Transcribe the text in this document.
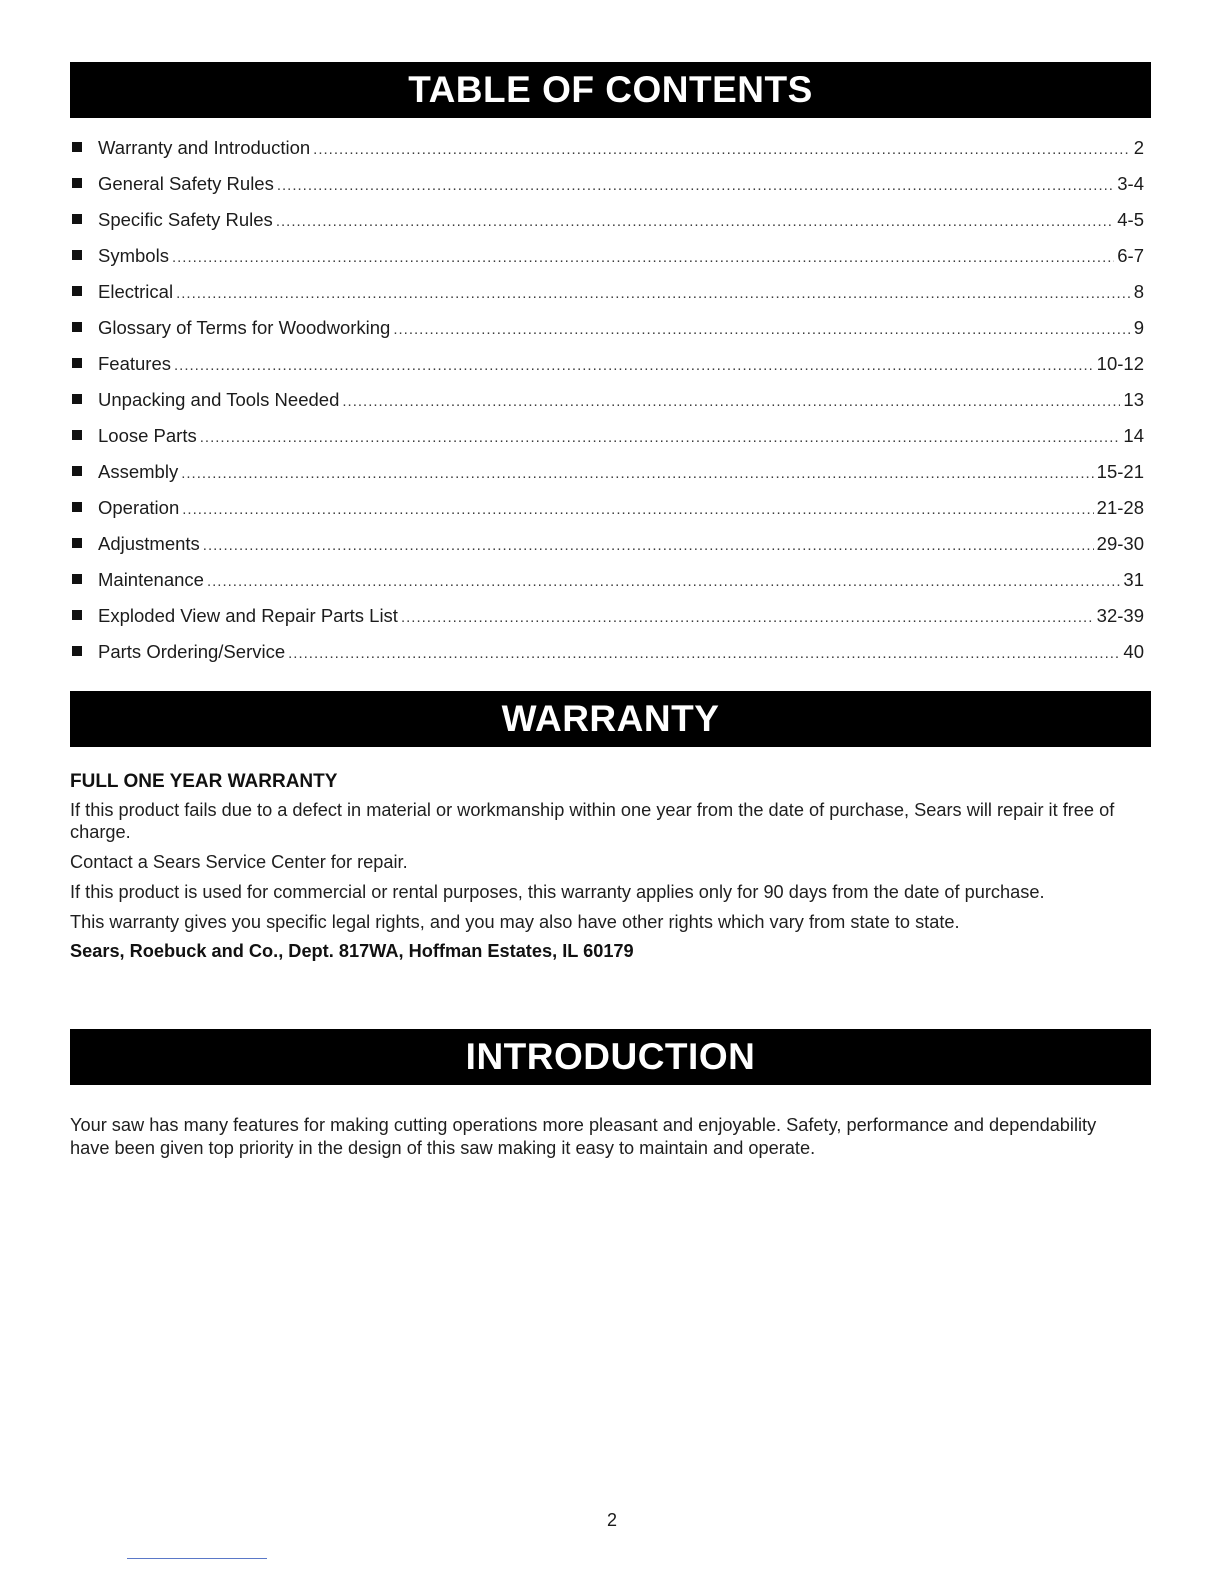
TABLE OF CONTENTS
Warranty and Introduction .....	2
General Safety Rules .....	3-4
Specific Safety Rules .....	4-5
Symbols .....	6-7
Electrical .....	8
Glossary of Terms for Woodworking .....	9
Features .....	10-12
Unpacking and Tools Needed .....	13
Loose Parts .....	14
Assembly .....	15-21
Operation .....	21-28
Adjustments .....	29-30
Maintenance .....	31
Exploded View and Repair Parts List .....	32-39
Parts Ordering/Service .....	40
WARRANTY
FULL ONE YEAR WARRANTY

If this product fails due to a defect in material or workmanship within one year from the date of purchase, Sears will repair it free of charge.

Contact a Sears Service Center for repair.

If this product is used for commercial or rental purposes, this warranty applies only for 90 days from the date of purchase.

This warranty gives you specific legal rights, and you may also have other rights which vary from state to state.

Sears, Roebuck and Co., Dept. 817WA, Hoffman Estates, IL 60179

INTRODUCTION

Your saw has many features for making cutting operations more pleasant and enjoyable. Safety, performance and dependability have been given top priority in the design of this saw making it easy to maintain and operate.

2
